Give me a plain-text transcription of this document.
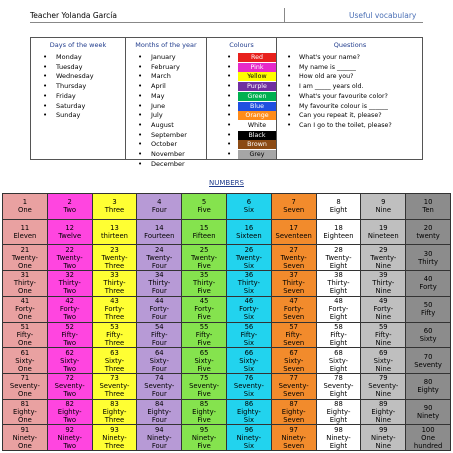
Teacher Yolanda García	Useful vocabulary
Days of the week
• Monday
• Tuesday
• Wednesday
• Thursday
• Friday
• Saturday
• Sunday
Months of the year
• January
• February
• March
• April
• May
• June
• July
• August
• September
• October
• November
• December
Colours
• Red
• Pink
• Yellow
• Purple
• Green
• Blue
• Orange
• White
• Black
• Brown
• Grey
Questions
• What's your name?
• My name is ______
• How old are you?
• I am _____ years old.
• What's your favourite color?
• My favourite colour is ______
• Can you repeat it, please?
• Can I go to the toilet, please?
NUMBERS
1
One
2
Two
3
Three
4
Four
5
Five
6
Six
7
Seven
8
Eight
9
Nine
10
Ten
11
Eleven
12
Twelve
13
thirteen
14
Fourteen
15
Fifteen
16
Sixteen
17
Seventeen
18
Eighteen
19
Nineteen
20
twenty
21
Twenty-
One
22
Twenty-
Two
23
Twenty-
Three
24
Twenty-
Four
25
Twenty-
Five
26
Twenty-
Six
27
Twenty-
Seven
28
Twenty-
Eight
29
Twenty-
Nine
30
Thirty
31
Thirty-
One
32
Thirty-
Two
33
Thirty-
Three
34
Thirty-
Four
35
Thirty-
Five
36
Thirty-
Six
37
Thirty-
Seven
38
Thirty-
Eight
39
Thirty-
Nine
40
Forty
41
Forty-
One
42
Forty-
Two
43
Forty-
Three
44
Forty-
Four
45
Forty-
Five
46
Forty-
Six
47
Forty-
Seven
48
Forty-
Eight
49
Forty-
Nine
50
Fifty
51
Fifty-
One
52
Fifty-
Two
53
Fifty-
Three
54
Fifty-
Four
55
Fifty-
Five
56
Fifty-
Six
57
Fifty-
Seven
58
Fifty-
Eight
59
Fifty-
Nine
60
Sixty
61
Sixty-
One
62
Sixty-
Two
63
Sixty-
Three
64
Sixty-
Four
65
Sixty-
Five
66
Sixty-
Six
67
Sixty-
Seven
68
Sixty-
Eight
69
Sixty-
Nine
70
Seventy
71
Seventy-
One
72
Seventy-
Two
73
Seventy-
Three
74
Seventy-
Four
75
Seventy-
Five
76
Seventy-
Six
77
Seventy-
Seven
78
Seventy-
Eight
79
Seventy-
Nine
80
Eighty
81
Eighty-
One
82
Eighty-
Two
83
Eighty-
Three
84
Eighty-
Four
85
Eighty-
Five
86
Eighty-
Six
87
Eighty-
Seven
88
Eighty-
Eight
89
Eighty-
Nine
90
Ninety
91
Ninety-
One
92
Ninety-
Two
93
Ninety-
Three
94
Ninety-
Four
95
Ninety-
Five
96
Ninety-
Six
97
Ninety-
Seven
98
Ninety-
Eight
99
Ninety-
Nine
100
One
hundred
